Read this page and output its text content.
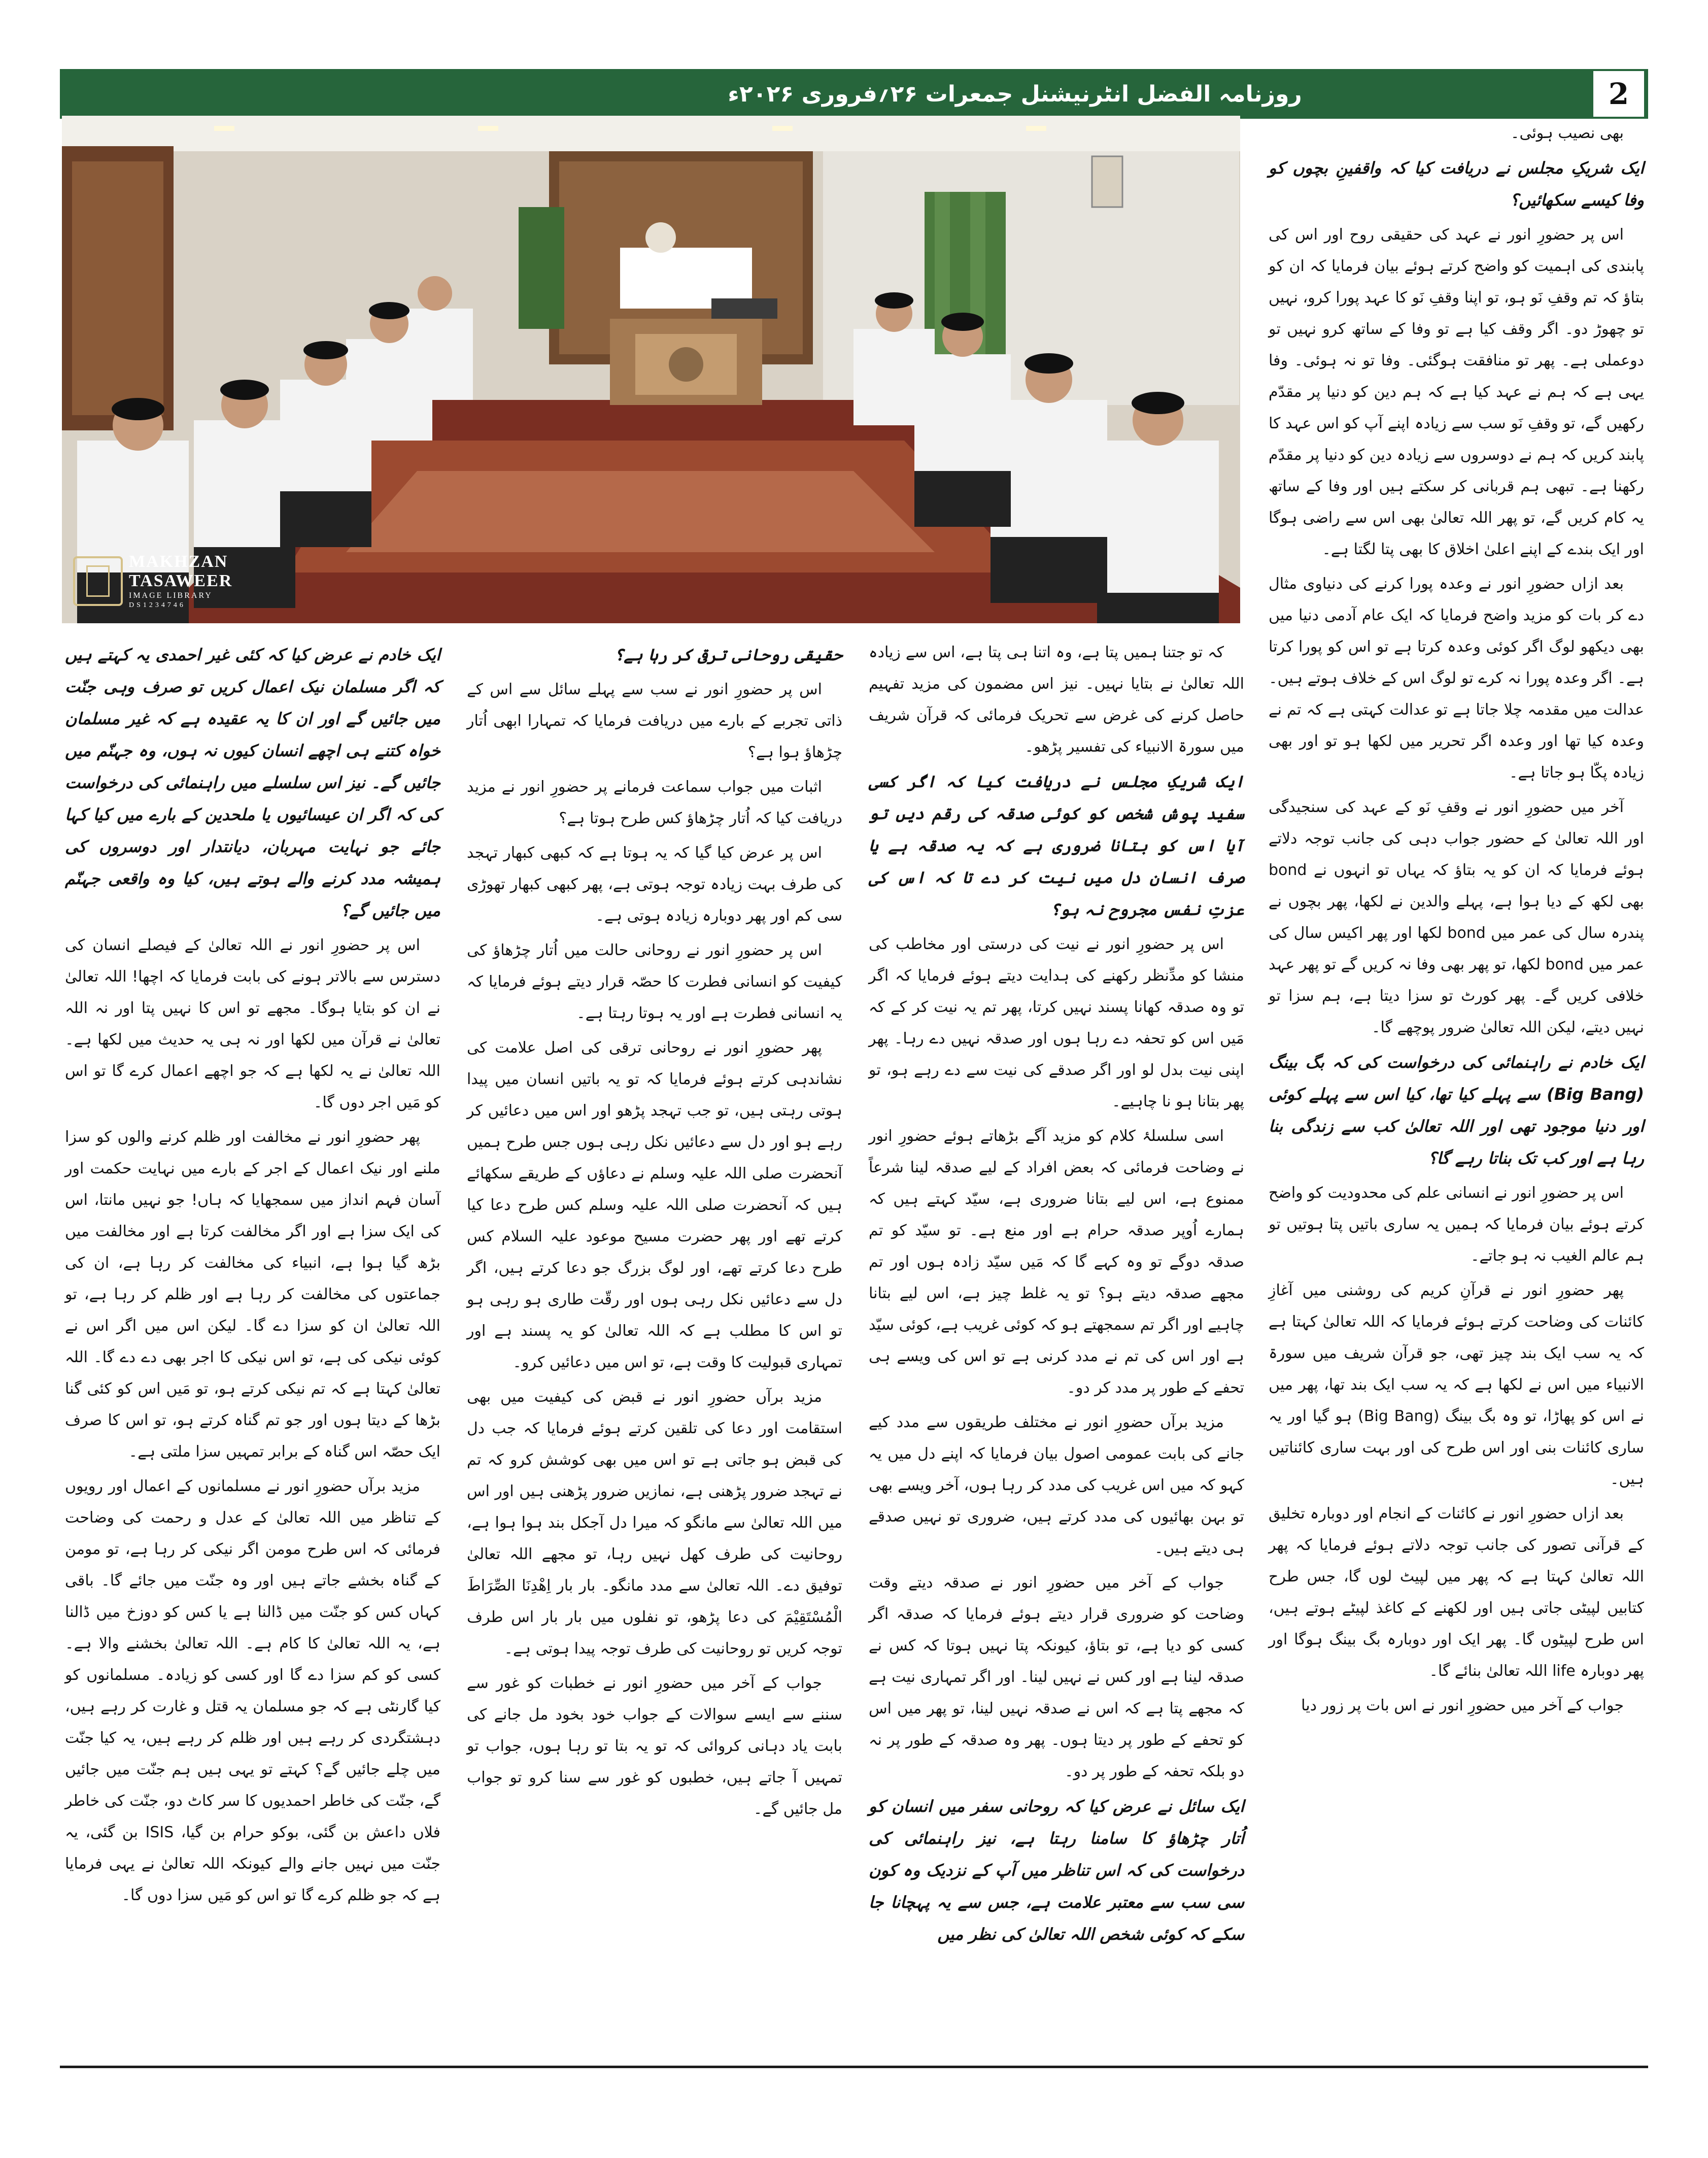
2
روزنامہ الفضل انٹرنیشنل جمعرات ۲۶؍فروری ۲۰۲۶ء
MAKHZAN
TASAWEER
IMAGE LIBRARY
DS1234746

بھی نصیب ہوئی۔

ایک شریکِ مجلس نے دریافت کیا کہ واقفینِ بچوں کو وفا کیسے سکھائیں؟

اس پر حضورِ انور نے عہد کی حقیقی روح اور اس کی پابندی کی اہمیت کو واضح کرتے ہوئے بیان فرمایا کہ ان کو بتاؤ کہ تم وقفِ نَو ہو، تو اپنا وقفِ نَو کا عہد پورا کرو، نہیں تو چھوڑ دو۔ اگر وقف کیا ہے تو وفا کے ساتھ کرو نہیں تو دوعملی ہے۔ پھر تو منافقت ہوگئی۔ وفا تو نہ ہوئی۔ وفا یہی ہے کہ ہم نے عہد کیا ہے کہ ہم دین کو دنیا پر مقدّم رکھیں گے، تو وقفِ نَو سب سے زیادہ اپنے آپ کو اس عہد کا پابند کریں کہ ہم نے دوسروں سے زیادہ دین کو دنیا پر مقدّم رکھنا ہے۔ تبھی ہم قربانی کر سکتے ہیں اور وفا کے ساتھ یہ کام کریں گے، تو پھر اللہ تعالیٰ بھی اس سے راضی ہوگا اور ایک بندے کے اپنے اعلیٰ اخلاق کا بھی پتا لگتا ہے۔

بعد ازاں حضورِ انور نے وعدہ پورا کرنے کی دنیاوی مثال دے کر بات کو مزید واضح فرمایا کہ ایک عام آدمی دنیا میں بھی دیکھو لوگ اگر کوئی وعدہ کرتا ہے تو اس کو پورا کرتا ہے۔ اگر وعدہ پورا نہ کرے تو لوگ اس کے خلاف ہوتے ہیں۔ عدالت میں مقدمہ چلا جاتا ہے تو عدالت کہتی ہے کہ تم نے وعدہ کیا تھا اور وعدہ اگر تحریر میں لکھا ہو تو اور بھی زیادہ پکّا ہو جاتا ہے۔

آخر میں حضورِ انور نے وقفِ نَو کے عہد کی سنجیدگی اور اللہ تعالیٰ کے حضور جواب دہی کی جانب توجہ دلاتے ہوئے فرمایا کہ ان کو یہ بتاؤ کہ یہاں تو انہوں نے bond بھی لکھ کے دیا ہوا ہے، پہلے والدین نے لکھا، پھر بچوں نے پندرہ سال کی عمر میں bond لکھا اور پھر اکیس سال کی عمر میں bond لکھا، تو پھر بھی وفا نہ کریں گے تو پھر عہد خلافی کریں گے۔ پھر کورٹ تو سزا دیتا ہے، ہم سزا تو نہیں دیتے، لیکن اللہ تعالیٰ ضرور پوچھے گا۔

ایک خادم نے راہنمائی کی درخواست کی کہ بگ بینگ (Big Bang) سے پہلے کیا تھا، کیا اس سے پہلے کوئی اور دنیا موجود تھی اور اللہ تعالیٰ کب سے زندگی بنا رہا ہے اور کب تک بناتا رہے گا؟

اس پر حضورِ انور نے انسانی علم کی محدودیت کو واضح کرتے ہوئے بیان فرمایا کہ ہمیں یہ ساری باتیں پتا ہوتیں تو ہم عالم الغیب نہ ہو جاتے۔

پھر حضورِ انور نے قرآنِ کریم کی روشنی میں آغازِ کائنات کی وضاحت کرتے ہوئے فرمایا کہ اللہ تعالیٰ کہتا ہے کہ یہ سب ایک بند چیز تھی، جو قرآن شریف میں سورۃ الانبیاء میں اس نے لکھا ہے کہ یہ سب ایک بند تھا، پھر میں نے اس کو پھاڑا، تو وہ بگ بینگ (Big Bang) ہو گیا اور یہ ساری کائنات بنی اور اس طرح کی اور بہت ساری کائناتیں ہیں۔

بعد ازاں حضورِ انور نے کائنات کے انجام اور دوبارہ تخلیق کے قرآنی تصور کی جانب توجہ دلاتے ہوئے فرمایا کہ پھر اللہ تعالیٰ کہتا ہے کہ پھر میں لپیٹ لوں گا، جس طرح کتابیں لپیٹی جاتی ہیں اور لکھنے کے کاغذ لپیٹے ہوتے ہیں، اس طرح لپیٹوں گا۔ پھر ایک اور دوبارہ بگ بینگ ہوگا اور پھر دوبارہ life اللہ تعالیٰ بنائے گا۔

جواب کے آخر میں حضورِ انور نے اس بات پر زور دیا

کہ تو جتنا ہمیں پتا ہے، وہ اتنا ہی پتا ہے، اس سے زیادہ اللہ تعالیٰ نے بتایا نہیں۔ نیز اس مضمون کی مزید تفہیم حاصل کرنے کی غرض سے تحریک فرمائی کہ قرآن شریف میں سورۃ الانبیاء کی تفسیر پڑھو۔

ایک شریکِ مجلس نے دریافت کیا کہ اگر کسی سفید پوش شخص کو کوئی صدقہ کی رقم دیں تو آیا اس کو بتانا ضروری ہے کہ یہ صدقہ ہے یا صرف انسان دل میں نیت کر دے تا کہ اس کی عزتِ نفس مجروح نہ ہو؟

اس پر حضورِ انور نے نیت کی درستی اور مخاطب کی منشا کو مدِّنظر رکھنے کی ہدایت دیتے ہوئے فرمایا کہ اگر تو وہ صدقہ کھانا پسند نہیں کرتا، پھر تم یہ نیت کر کے کہ مَیں اس کو تحفہ دے رہا ہوں اور صدقہ نہیں دے رہا۔ پھر اپنی نیت بدل لو اور اگر صدقے کی نیت سے دے رہے ہو، تو پھر بتانا ہو نا چاہیے۔

اسی سلسلۂ کلام کو مزید آگے بڑھاتے ہوئے حضورِ انور نے وضاحت فرمائی کہ بعض افراد کے لیے صدقہ لینا شرعاً ممنوع ہے، اس لیے بتانا ضروری ہے، سیّد کہتے ہیں کہ ہمارے اُوپر صدقہ حرام ہے اور منع ہے۔ تو سیّد کو تم صدقہ دوگے تو وہ کہے گا کہ مَیں سیّد زادہ ہوں اور تم مجھے صدقہ دیتے ہو؟ تو یہ غلط چیز ہے، اس لیے بتانا چاہیے اور اگر تم سمجھتے ہو کہ کوئی غریب ہے، کوئی سیّد ہے اور اس کی تم نے مدد کرنی ہے تو اس کی ویسے ہی تحفے کے طور پر مدد کر دو۔

مزید برآں حضورِ انور نے مختلف طریقوں سے مدد کیے جانے کی بابت عمومی اصول بیان فرمایا کہ اپنے دل میں یہ کہو کہ میں اس غریب کی مدد کر رہا ہوں، آخر ویسے بھی تو بہن بھائیوں کی مدد کرتے ہیں، ضروری تو نہیں صدقے ہی دیتے ہیں۔

جواب کے آخر میں حضورِ انور نے صدقہ دیتے وقت وضاحت کو ضروری قرار دیتے ہوئے فرمایا کہ صدقہ اگر کسی کو دیا ہے، تو بتاؤ، کیونکہ پتا نہیں ہوتا کہ کس نے صدقہ لینا ہے اور کس نے نہیں لینا۔ اور اگر تمہاری نیت ہے کہ مجھے پتا ہے کہ اس نے صدقہ نہیں لینا، تو پھر میں اس کو تحفے کے طور پر دیتا ہوں۔ پھر وہ صدقہ کے طور پر نہ دو بلکہ تحفہ کے طور پر دو۔

ایک سائل نے عرض کیا کہ روحانی سفر میں انسان کو اُتار چڑھاؤ کا سامنا رہتا ہے، نیز راہنمائی کی درخواست کی کہ اس تناظر میں آپ کے نزدیک وہ کون سی سب سے معتبر علامت ہے، جس سے یہ پہچانا جا سکے کہ کوئی شخص اللہ تعالیٰ کی نظر میں
حقیقی روحانی ترقی کر رہا ہے؟

اس پر حضورِ انور نے سب سے پہلے سائل سے اس کے ذاتی تجربے کے بارے میں دریافت فرمایا کہ تمہارا ابھی اُتار چڑھاؤ ہوا ہے؟

اثبات میں جواب سماعت فرمانے پر حضورِ انور نے مزید دریافت کیا کہ اُتار چڑھاؤ کس طرح ہوتا ہے؟

اس پر عرض کیا گیا کہ یہ ہوتا ہے کہ کبھی کبھار تہجد کی طرف بہت زیادہ توجہ ہوتی ہے، پھر کبھی کبھار تھوڑی سی کم اور پھر دوبارہ زیادہ ہوتی ہے۔

اس پر حضورِ انور نے روحانی حالت میں اُتار چڑھاؤ کی کیفیت کو انسانی فطرت کا حصّہ قرار دیتے ہوئے فرمایا کہ یہ انسانی فطرت ہے اور یہ ہوتا رہتا ہے۔

پھر حضورِ انور نے روحانی ترقی کی اصل علامت کی نشاندہی کرتے ہوئے فرمایا کہ تو یہ باتیں انسان میں پیدا ہوتی رہتی ہیں، تو جب تہجد پڑھو اور اس میں دعائیں کر رہے ہو اور دل سے دعائیں نکل رہی ہوں جس طرح ہمیں آنحضرت صلی اللہ علیہ وسلم نے دعاؤں کے طریقے سکھائے ہیں کہ آنحضرت صلی اللہ علیہ وسلم کس طرح دعا کیا کرتے تھے اور پھر حضرت مسیح موعود علیہ السلام کس طرح دعا کرتے تھے، اور لوگ بزرگ جو دعا کرتے ہیں، اگر دل سے دعائیں نکل رہی ہوں اور رقّت طاری ہو رہی ہو تو اس کا مطلب ہے کہ اللہ تعالیٰ کو یہ پسند ہے اور تمہاری قبولیت کا وقت ہے، تو اس میں دعائیں کرو۔

مزید برآں حضورِ انور نے قبض کی کیفیت میں بھی استقامت اور دعا کی تلقین کرتے ہوئے فرمایا کہ جب دل کی قبض ہو جاتی ہے تو اس میں بھی کوشش کرو کہ تم نے تہجد ضرور پڑھنی ہے، نمازیں ضرور پڑھنی ہیں اور اس میں اللہ تعالیٰ سے مانگو کہ میرا دل آجکل بند ہوا ہوا ہے، روحانیت کی طرف کھل نہیں رہا، تو مجھے اللہ تعالیٰ توفیق دے۔ اللہ تعالیٰ سے مدد مانگو۔ بار بار اِهْدِنَا الصِّرَاطَ الْمُسْتَقِيْمَ کی دعا پڑھو، تو نفلوں میں بار بار اس طرف توجہ کریں تو روحانیت کی طرف توجہ پیدا ہوتی ہے۔

جواب کے آخر میں حضورِ انور نے خطبات کو غور سے سننے سے ایسے سوالات کے جواب خود بخود مل جانے کی بابت یاد دہانی کروائی کہ تو یہ بتا تو رہا ہوں، جواب تو تمہیں آ جاتے ہیں، خطبوں کو غور سے سنا کرو تو جواب مل جائیں گے۔

ایک خادم نے عرض کیا کہ کئی غیر احمدی یہ کہتے ہیں کہ اگر مسلمان نیک اعمال کریں تو صرف وہی جنّت میں جائیں گے اور ان کا یہ عقیدہ ہے کہ غیر مسلمان خواہ کتنے ہی اچھے انسان کیوں نہ ہوں، وہ جہنّم میں جائیں گے۔ نیز اس سلسلے میں راہنمائی کی درخواست کی کہ اگر ان عیسائیوں یا ملحدین کے بارے میں کیا کہا جائے جو نہایت مہربان، دیانتدار اور دوسروں کی ہمیشہ مدد کرنے والے ہوتے ہیں، کیا وہ واقعی جہنّم میں جائیں گے؟

اس پر حضورِ انور نے اللہ تعالیٰ کے فیصلے انسان کی دسترس سے بالاتر ہونے کی بابت فرمایا کہ اچھا! اللہ تعالیٰ نے ان کو بتایا ہوگا۔ مجھے تو اس کا نہیں پتا اور نہ اللہ تعالیٰ نے قرآن میں لکھا اور نہ ہی یہ حدیث میں لکھا ہے۔ اللہ تعالیٰ نے یہ لکھا ہے کہ جو اچھے اعمال کرے گا تو اس کو مَیں اجر دوں گا۔

پھر حضورِ انور نے مخالفت اور ظلم کرنے والوں کو سزا ملنے اور نیک اعمال کے اجر کے بارے میں نہایت حکمت اور آسان فہم انداز میں سمجھایا کہ ہاں! جو نہیں مانتا، اس کی ایک سزا ہے اور اگر مخالفت کرتا ہے اور مخالفت میں بڑھ گیا ہوا ہے، انبیاء کی مخالفت کر رہا ہے، ان کی جماعتوں کی مخالفت کر رہا ہے اور ظلم کر رہا ہے، تو اللہ تعالیٰ ان کو سزا دے گا۔ لیکن اس میں اگر اس نے کوئی نیکی کی ہے، تو اس نیکی کا اجر بھی دے دے گا۔ اللہ تعالیٰ کہتا ہے کہ تم نیکی کرتے ہو، تو مَیں اس کو کئی گنا بڑھا کے دیتا ہوں اور جو تم گناہ کرتے ہو، تو اس کا صرف ایک حصّہ اس گناہ کے برابر تمہیں سزا ملتی ہے۔

مزید برآں حضورِ انور نے مسلمانوں کے اعمال اور رویوں کے تناظر میں اللہ تعالیٰ کے عدل و رحمت کی وضاحت فرمائی کہ اس طرح مومن اگر نیکی کر رہا ہے، تو مومن کے گناہ بخشے جاتے ہیں اور وہ جنّت میں جائے گا۔ باقی کہاں کس کو جنّت میں ڈالنا ہے یا کس کو دوزخ میں ڈالنا ہے، یہ اللہ تعالیٰ کا کام ہے۔ اللہ تعالیٰ بخشنے والا ہے۔ کسی کو کم سزا دے گا اور کسی کو زیادہ۔ مسلمانوں کو کیا گارنٹی ہے کہ جو مسلمان یہ قتل و غارت کر رہے ہیں، دہشتگردی کر رہے ہیں اور ظلم کر رہے ہیں، یہ کیا جنّت میں چلے جائیں گے؟ کہتے تو یہی ہیں ہم جنّت میں جائیں گے، جنّت کی خاطر احمدیوں کا سر کاٹ دو، جنّت کی خاطر فلاں داعش بن گئی، بوکو حرام بن گیا، ISIS بن گئی، یہ جنّت میں نہیں جانے والے کیونکہ اللہ تعالیٰ نے یہی فرمایا ہے کہ جو ظلم کرے گا تو اس کو مَیں سزا دوں گا۔
